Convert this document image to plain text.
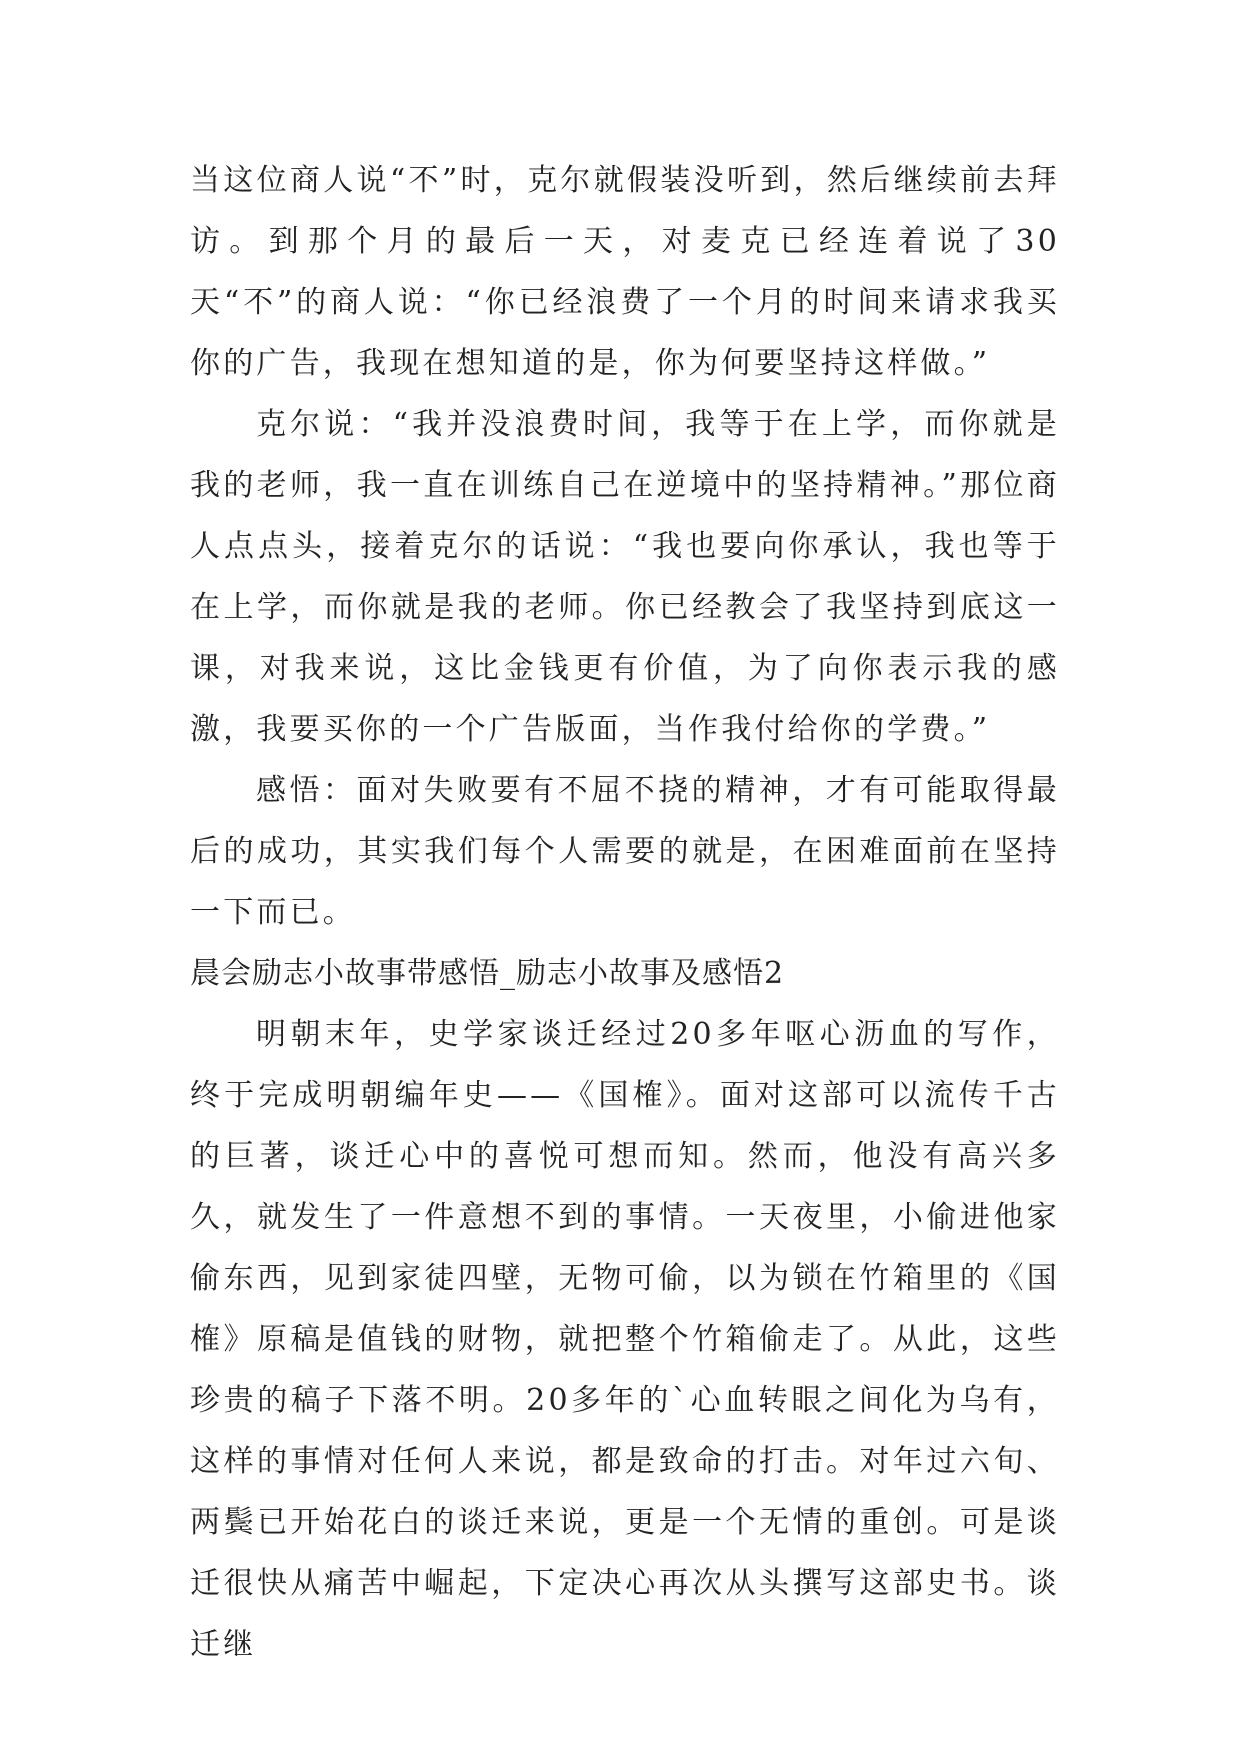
当这位商人说“不”时，克尔就假装没听到，然后继续前去拜访。到那个月的最后一天，对麦克已经连着说了30天“不”的商人说：“你已经浪费了一个月的时间来请求我买你的广告，我现在想知道的是，你为何要坚持这样做。”

克尔说：“我并没浪费时间，我等于在上学，而你就是我的老师，我一直在训练自己在逆境中的坚持精神。”那位商人点点头，接着克尔的话说：“我也要向你承认，我也等于在上学，而你就是我的老师。你已经教会了我坚持到底这一课，对我来说，这比金钱更有价值，为了向你表示我的感激，我要买你的一个广告版面，当作我付给你的学费。”

感悟：面对失败要有不屈不挠的精神，才有可能取得最后的成功，其实我们每个人需要的就是，在困难面前在坚持一下而已。

晨会励志小故事带感悟_励志小故事及感悟2

明朝末年，史学家谈迁经过20多年呕心沥血的写作，终于完成明朝编年史——《国榷》。面对这部可以流传千古的巨著，谈迁心中的喜悦可想而知。然而，他没有高兴多久，就发生了一件意想不到的事情。一天夜里，小偷进他家偷东西，见到家徒四壁，无物可偷，以为锁在竹箱里的《国榷》原稿是值钱的财物，就把整个竹箱偷走了。从此，这些珍贵的稿子下落不明。20多年的`心血转眼之间化为乌有，这样的事情对任何人来说，都是致命的打击。对年过六旬、两鬓已开始花白的谈迁来说，更是一个无情的重创。可是谈迁很快从痛苦中崛起，下定决心再次从头撰写这部史书。谈迁继
